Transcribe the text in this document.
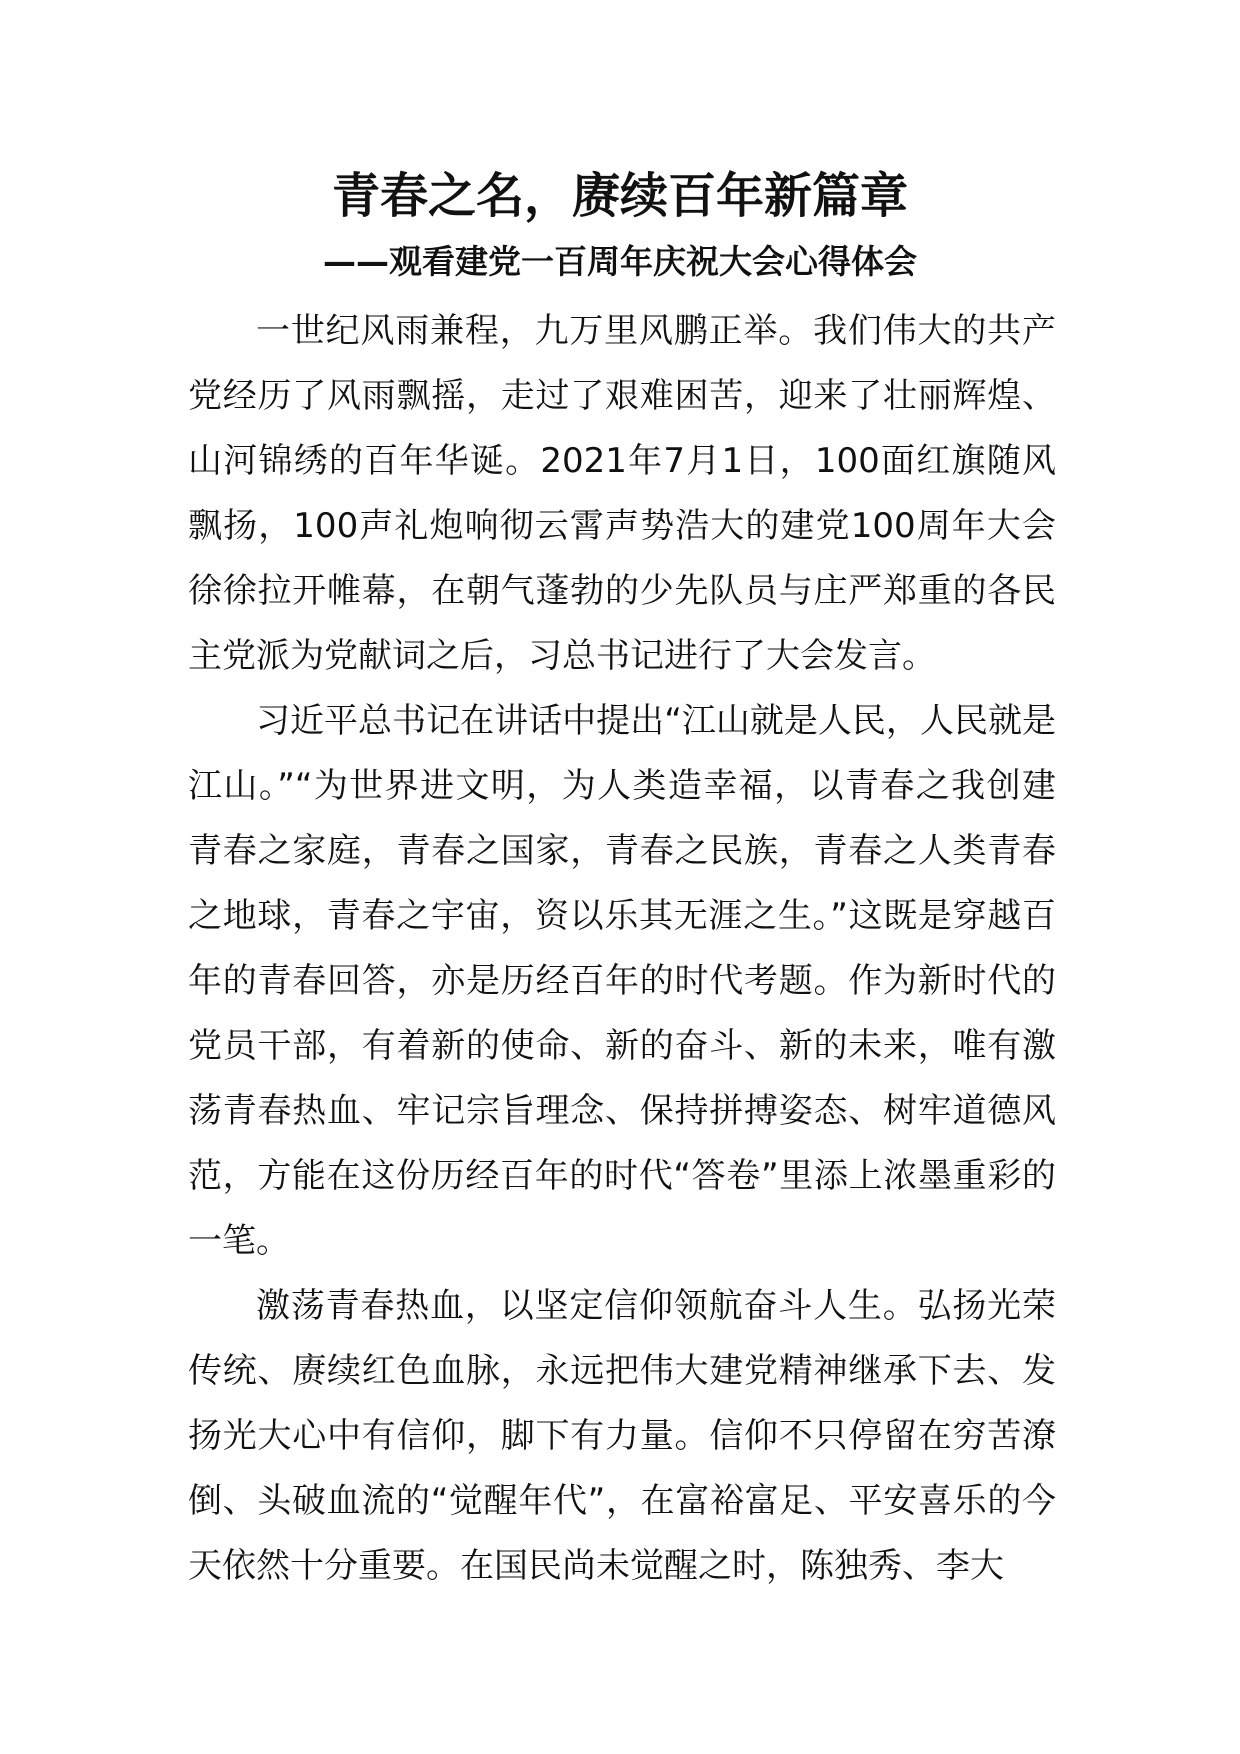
青春之名，赓续百年新篇章
——观看建党一百周年庆祝大会心得体会

一世纪风雨兼程，九万里风鹏正举。我们伟大的共产党经历了风雨飘摇，走过了艰难困苦，迎来了壮丽辉煌、山河锦绣的百年华诞。2021年7月1日，100面红旗随风飘扬，100声礼炮响彻云霄声势浩大的建党100周年大会徐徐拉开帷幕，在朝气蓬勃的少先队员与庄严郑重的各民主党派为党献词之后，习总书记进行了大会发言。

习近平总书记在讲话中提出“江山就是人民，人民就是江山。”“为世界进文明，为人类造幸福，以青春之我创建青春之家庭，青春之国家，青春之民族，青春之人类青春之地球，青春之宇宙，资以乐其无涯之生。”这既是穿越百年的青春回答，亦是历经百年的时代考题。作为新时代的党员干部，有着新的使命、新的奋斗、新的未来，唯有激荡青春热血、牢记宗旨理念、保持拼搏姿态、树牢道德风范，方能在这份历经百年的时代“答卷”里添上浓墨重彩的一笔。

激荡青春热血，以坚定信仰领航奋斗人生。弘扬光荣传统、赓续红色血脉，永远把伟大建党精神继承下去、发扬光大心中有信仰，脚下有力量。信仰不只停留在穷苦潦倒、头破血流的“觉醒年代”，在富裕富足、平安喜乐的今天依然十分重要。在国民尚未觉醒之时，陈独秀、李大
